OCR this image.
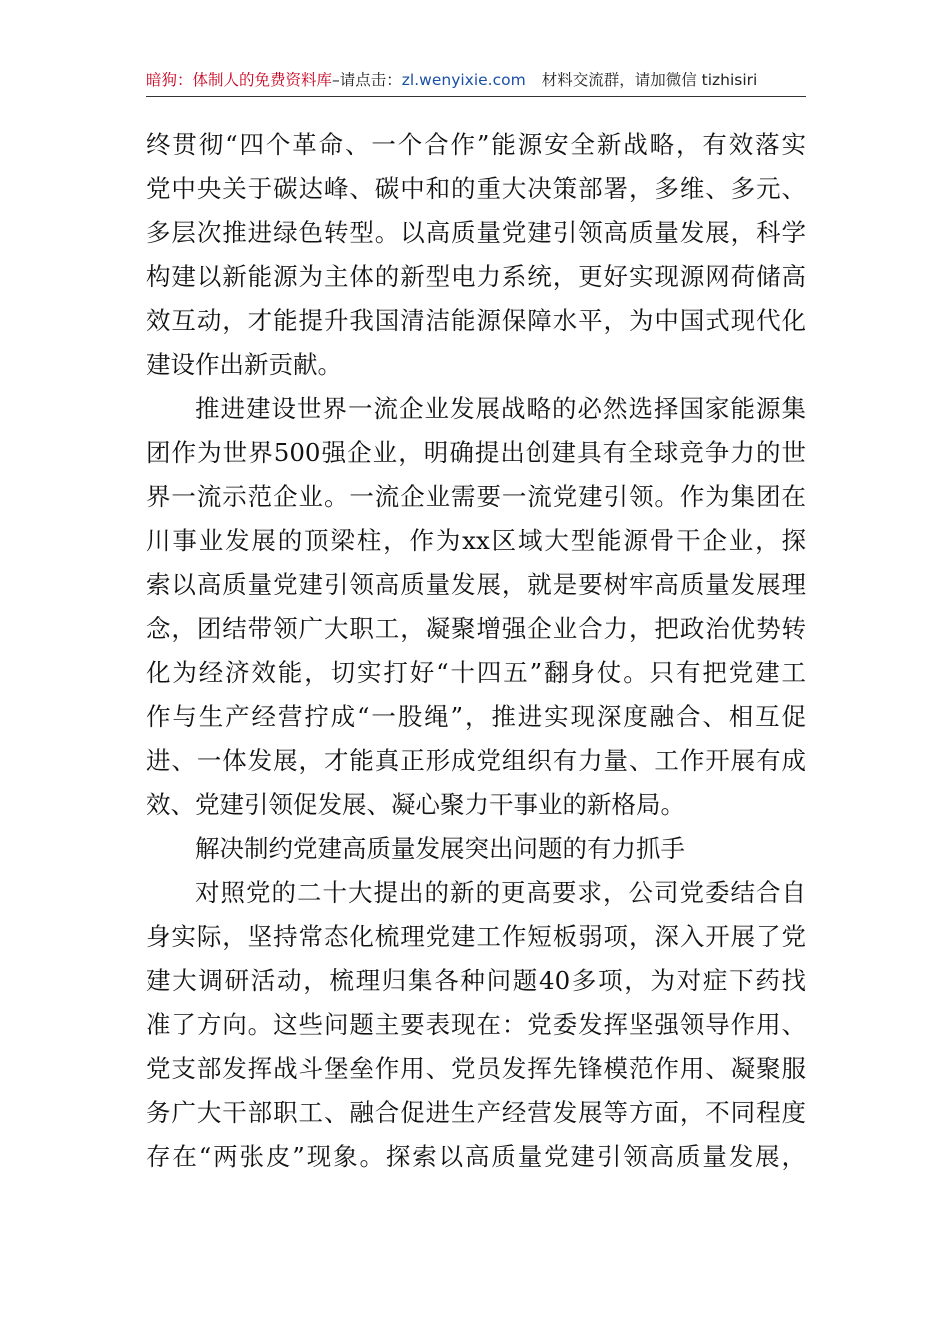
暗狗：体制人的免费资料库–请点击：zl.wenyixie.com 材料交流群，请加微信 tizhisiri
终贯彻“四个革命、一个合作”能源安全新战略，有效落实
党中央关于碳达峰、碳中和的重大决策部署，多维、多元、
多层次推进绿色转型。以高质量党建引领高质量发展，科学
构建以新能源为主体的新型电力系统，更好实现源网荷储高
效互动，才能提升我国清洁能源保障水平，为中国式现代化
建设作出新贡献。
推进建设世界一流企业发展战略的必然选择国家能源集
团作为世界500强企业，明确提出创建具有全球竞争力的世
界一流示范企业。一流企业需要一流党建引领。作为集团在
川事业发展的顶梁柱，作为xx区域大型能源骨干企业，探
索以高质量党建引领高质量发展，就是要树牢高质量发展理
念，团结带领广大职工，凝聚增强企业合力，把政治优势转
化为经济效能，切实打好“十四五”翻身仗。只有把党建工
作与生产经营拧成“一股绳”，推进实现深度融合、相互促
进、一体发展，才能真正形成党组织有力量、工作开展有成
效、党建引领促发展、凝心聚力干事业的新格局。
解决制约党建高质量发展突出问题的有力抓手
对照党的二十大提出的新的更高要求，公司党委结合自
身实际，坚持常态化梳理党建工作短板弱项，深入开展了党
建大调研活动，梳理归集各种问题40多项，为对症下药找
准了方向。这些问题主要表现在：党委发挥坚强领导作用、
党支部发挥战斗堡垒作用、党员发挥先锋模范作用、凝聚服
务广大干部职工、融合促进生产经营发展等方面，不同程度
存在“两张皮”现象。探索以高质量党建引领高质量发展，
